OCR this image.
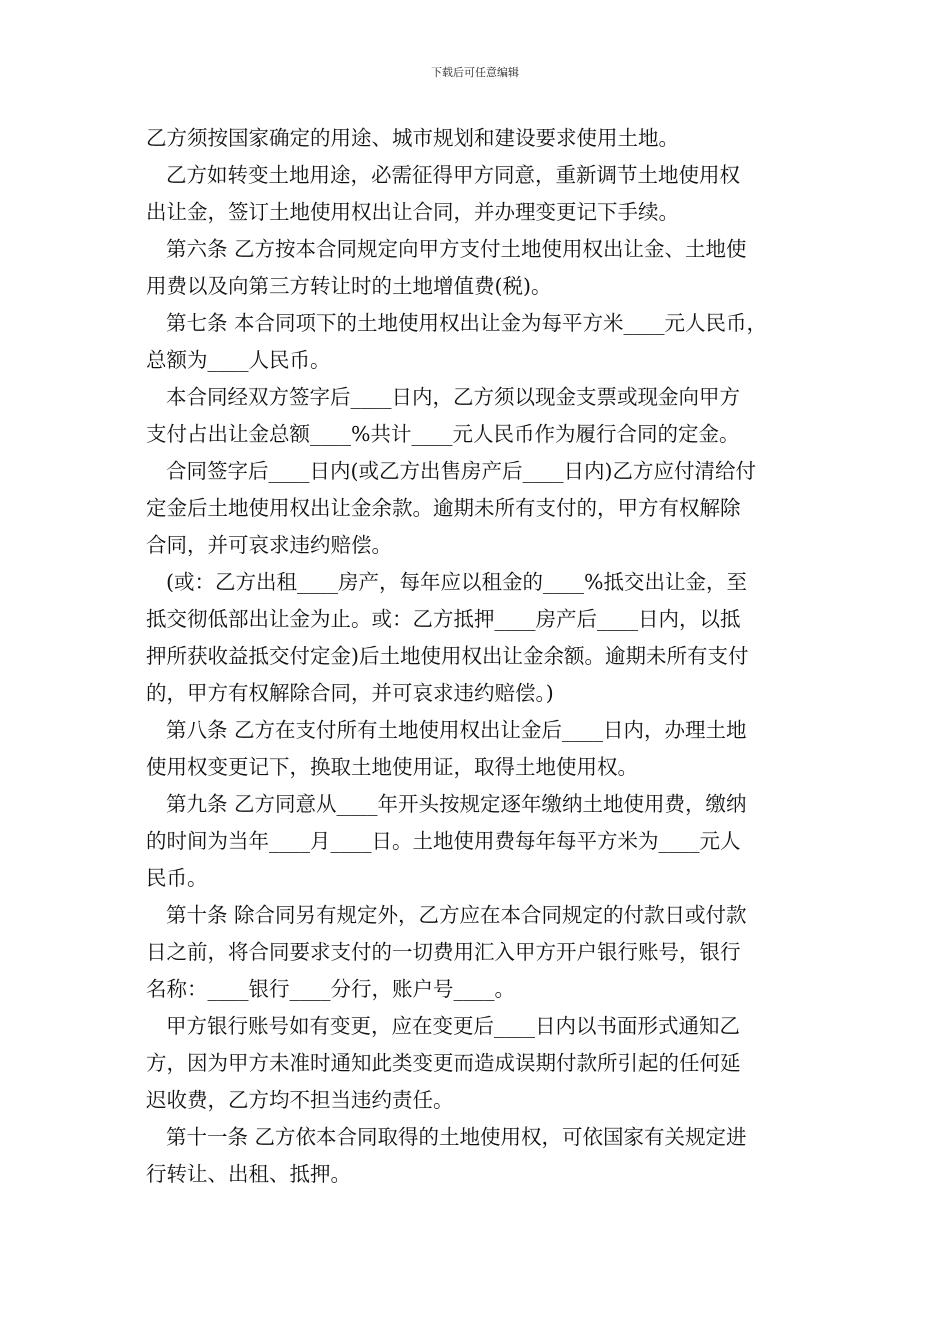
下载后可任意编辑
乙方须按国家确定的用途、城市规划和建设要求使用土地。
乙方如转变土地用途，必需征得甲方同意，重新调节土地使用权
出让金，签订土地使用权出让合同，并办理变更记下手续。
第六条 乙方按本合同规定向甲方支付土地使用权出让金、土地使
用费以及向第三方转让时的土地增值费(税)。
第七条 本合同项下的土地使用权出让金为每平方米____元人民币，
总额为____人民币。
本合同经双方签字后____日内，乙方须以现金支票或现金向甲方
支付占出让金总额____%共计____元人民币作为履行合同的定金。
合同签字后____日内(或乙方出售房产后____日内)乙方应付清给付
定金后土地使用权出让金余款。逾期未所有支付的，甲方有权解除
合同，并可哀求违约赔偿。
(或：乙方出租____房产，每年应以租金的____%抵交出让金，至
抵交彻低部出让金为止。或：乙方抵押____房产后____日内，以抵
押所获收益抵交付定金)后土地使用权出让金余额。逾期未所有支付
的，甲方有权解除合同，并可哀求违约赔偿。)
第八条 乙方在支付所有土地使用权出让金后____日内，办理土地
使用权变更记下，换取土地使用证，取得土地使用权。
第九条 乙方同意从____年开头按规定逐年缴纳土地使用费，缴纳
的时间为当年____月____日。土地使用费每年每平方米为____元人
民币。
第十条 除合同另有规定外，乙方应在本合同规定的付款日或付款
日之前，将合同要求支付的一切费用汇入甲方开户银行账号，银行
名称：____银行____分行，账户号____。
甲方银行账号如有变更，应在变更后____日内以书面形式通知乙
方，因为甲方未准时通知此类变更而造成误期付款所引起的任何延
迟收费，乙方均不担当违约责任。
第十一条 乙方依本合同取得的土地使用权，可依国家有关规定进
行转让、出租、抵押。
